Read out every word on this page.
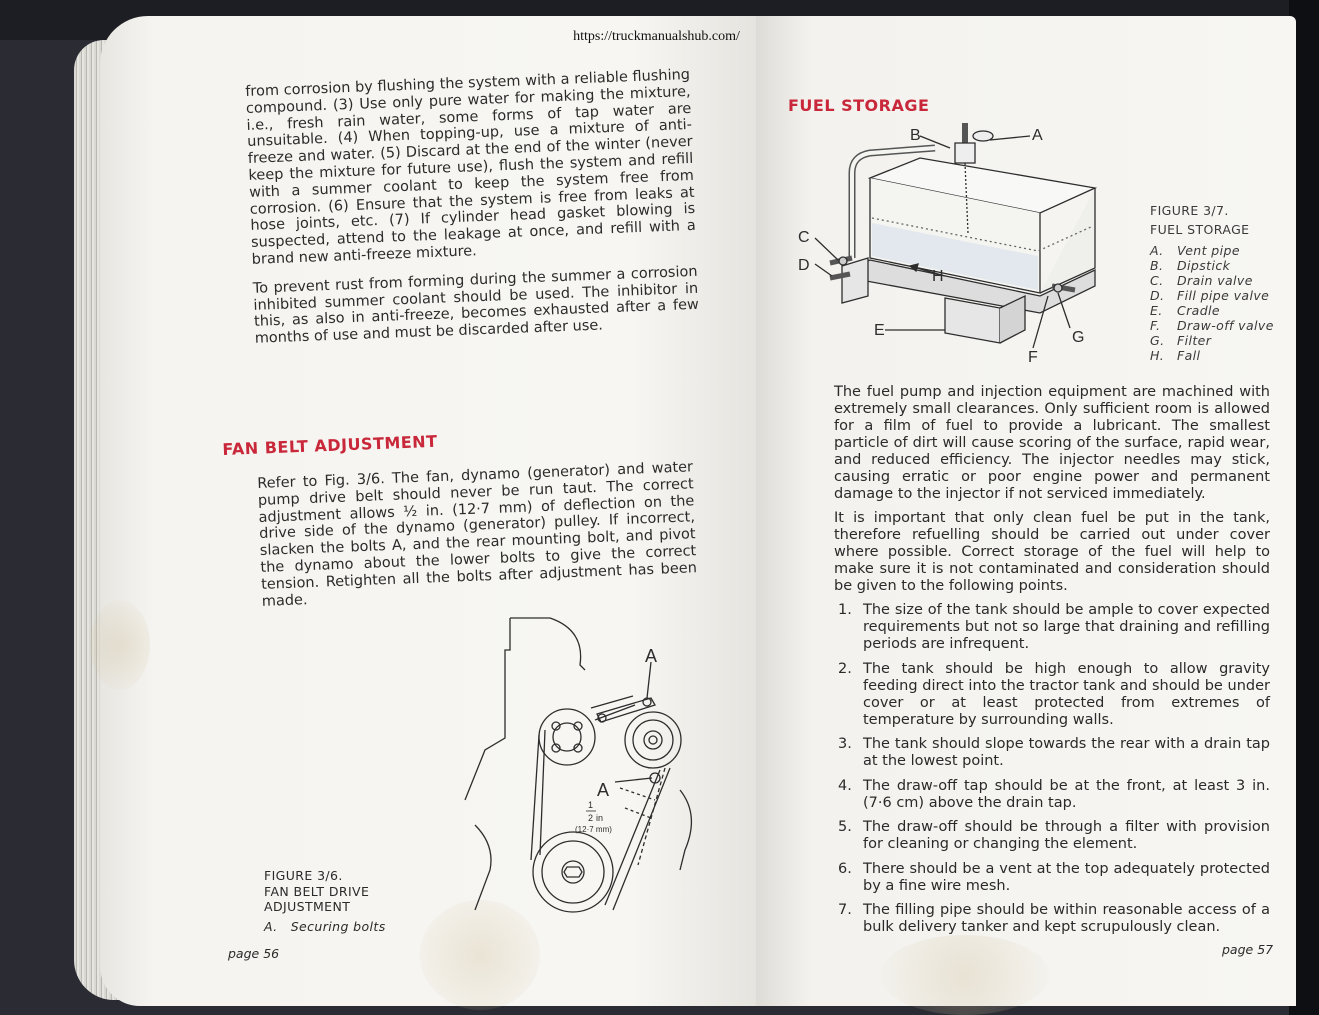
https://truckmanualshub.com/

from corrosion by flushing the system with a reliable flushing compound. (3) Use only pure water for making the mixture, i.e., fresh rain water, some forms of tap water are unsuitable. (4) When topping-up, use a mixture of anti-freeze and water. (5) Discard at the end of the winter (never keep the mixture for future use), flush the system and refill with a summer coolant to keep the system free from corrosion. (6) Ensure that the system is free from leaks at hose joints, etc. (7) If cylinder head gasket blowing is suspected, attend to the leakage at once, and refill with a brand new anti-freeze mixture.

To prevent rust from forming during the summer a corrosion inhibited summer coolant should be used. The inhibitor in this, as also in anti-freeze, becomes exhausted after a few months of use and must be discarded after use.

FAN BELT ADJUSTMENT

Refer to Fig. 3/6. The fan, dynamo (generator) and water pump drive belt should never be run taut. The correct adjustment allows ½ in. (12·7 mm) of deflection on the drive side of the dynamo (generator) pulley. If incorrect, slacken the bolts A, and the rear mounting bolt, and pivot the dynamo about the lower bolts to give the correct tension. Retighten all the bolts after adjustment has been made.

A
A
1
2 in
(12·7 mm)
FIGURE 3/6.
FAN BELT DRIVE
ADJUSTMENT
A. Securing bolts
page 56
FUEL STORAGE
B	A
C
D
H
E
F
G
FIGURE 3/7.
FUEL STORAGE
A. Vent pipe
B. Dipstick
C. Drain valve
D. Fill pipe valve
E. Cradle
F. Draw-off valve
G. Filter
H. Fall

The fuel pump and injection equipment are machined with extremely small clearances. Only sufficient room is allowed for a film of fuel to provide a lubricant. The smallest particle of dirt will cause scoring of the surface, rapid wear, and reduced efficiency. The injector needles may stick, causing erratic or poor engine power and permanent damage to the injector if not serviced immediately.

It is important that only clean fuel be put in the tank, therefore refuelling should be carried out under cover where possible. Correct storage of the fuel will help to make sure it is not contaminated and consideration should be given to the following points.

1. The size of the tank should be ample to cover expected requirements but not so large that draining and refilling periods are infrequent.
2. The tank should be high enough to allow gravity feeding direct into the tractor tank and should be under cover or at least protected from extremes of temperature by surrounding walls.
3. The tank should slope towards the rear with a drain tap at the lowest point.
4. The draw-off tap should be at the front, at least 3 in. (7·6 cm) above the drain tap.
5. The draw-off should be through a filter with provision for cleaning or changing the element.
6. There should be a vent at the top adequately protected by a fine wire mesh.
7. The filling pipe should be within reasonable access of a bulk delivery tanker and kept scrupulously clean.
page 57
